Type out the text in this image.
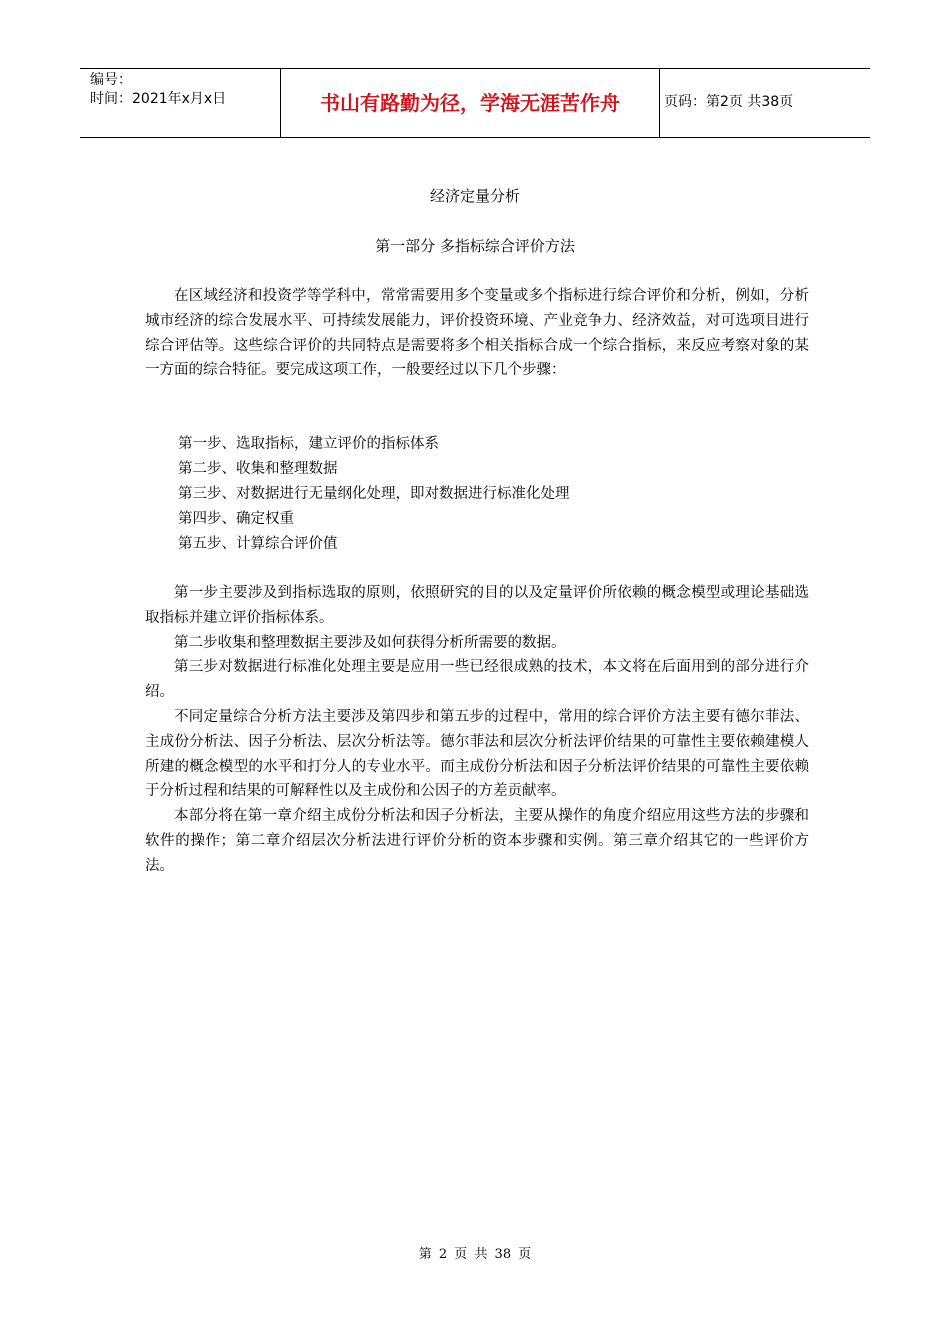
编号：
时间：2021年x月x日	书山有路勤为径，学海无涯苦作舟	页码：第2页 共38页
经济定量分析
第一部分 多指标综合评价方法

在区域经济和投资学等学科中，常常需要用多个变量或多个指标进行综合评价和分析，例如，分析城市经济的综合发展水平、可持续发展能力，评价投资环境、产业竞争力、经济效益，对可选项目进行综合评估等。这些综合评价的共同特点是需要将多个相关指标合成一个综合指标，来反应考察对象的某一方面的综合特征。要完成这项工作，一般要经过以下几个步骤：

第一步、选取指标，建立评价的指标体系
第二步、收集和整理数据
第三步、对数据进行无量纲化处理，即对数据进行标准化处理
第四步、确定权重
第五步、计算综合评价值

第一步主要涉及到指标选取的原则，依照研究的目的以及定量评价所依赖的概念模型或理论基础选取指标并建立评价指标体系。

第二步收集和整理数据主要涉及如何获得分析所需要的数据。

第三步对数据进行标准化处理主要是应用一些已经很成熟的技术，本文将在后面用到的部分进行介绍。

不同定量综合分析方法主要涉及第四步和第五步的过程中，常用的综合评价方法主要有德尔菲法、主成份分析法、因子分析法、层次分析法等。德尔菲法和层次分析法评价结果的可靠性主要依赖建模人所建的概念模型的水平和打分人的专业水平。而主成份分析法和因子分析法评价结果的可靠性主要依赖于分析过程和结果的可解释性以及主成份和公因子的方差贡献率。

本部分将在第一章介绍主成份分析法和因子分析法，主要从操作的角度介绍应用这些方法的步骤和软件的操作；第二章介绍层次分析法进行评价分析的资本步骤和实例。第三章介绍其它的一些评价方法。

第 2 页 共 38 页
